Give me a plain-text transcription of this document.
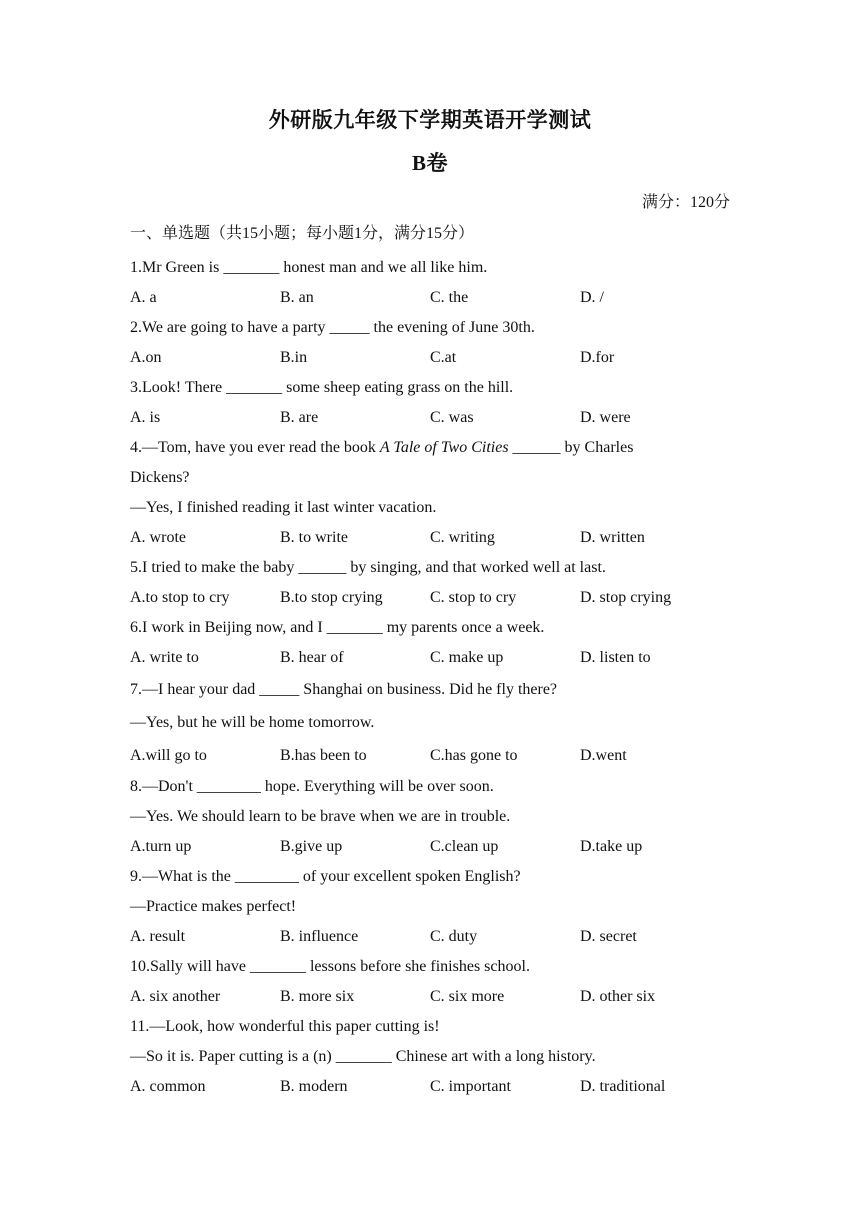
外研版九年级下学期英语开学测试
B卷
满分：120分
一、单选题（共15小题；每小题1分，满分15分）
1.Mr Green is _______ honest man and we all like him.
A. a	B. an	C. the	D. /
2.We are going to have a party _____ the evening of June 30th.
A.on	B.in	C.at	D.for
3.Look! There _______ some sheep eating grass on the hill.
A. is	B. are	C. was	D. were
4.—Tom, have you ever read the book A Tale of Two Cities ______ by Charles
Dickens?
—Yes, I finished reading it last winter vacation.
A. wrote	B. to write	C. writing	D. written
5.I tried to make the baby ______ by singing, and that worked well at last.
A.to stop to cry	B.to stop crying	C. stop to cry	D. stop crying
6.I work in Beijing now, and I _______ my parents once a week.
A. write to	B. hear of	C. make up	D. listen to
7.—I hear your dad _____ Shanghai on business. Did he fly there?
—Yes, but he will be home tomorrow.
A.will go to	B.has been to	C.has gone to	D.went
8.—Don't ________ hope. Everything will be over soon.
—Yes. We should learn to be brave when we are in trouble.
A.turn up	B.give up	C.clean up	D.take up
9.—What is the ________ of your excellent spoken English?
—Practice makes perfect!
A. result	B. influence	C. duty	D. secret
10.Sally will have _______ lessons before she finishes school.
A. six another	B. more six	C. six more	D. other six
11.—Look, how wonderful this paper cutting is!
—So it is. Paper cutting is a (n) _______ Chinese art with a long history.
A. common	B. modern	C. important	D. traditional
